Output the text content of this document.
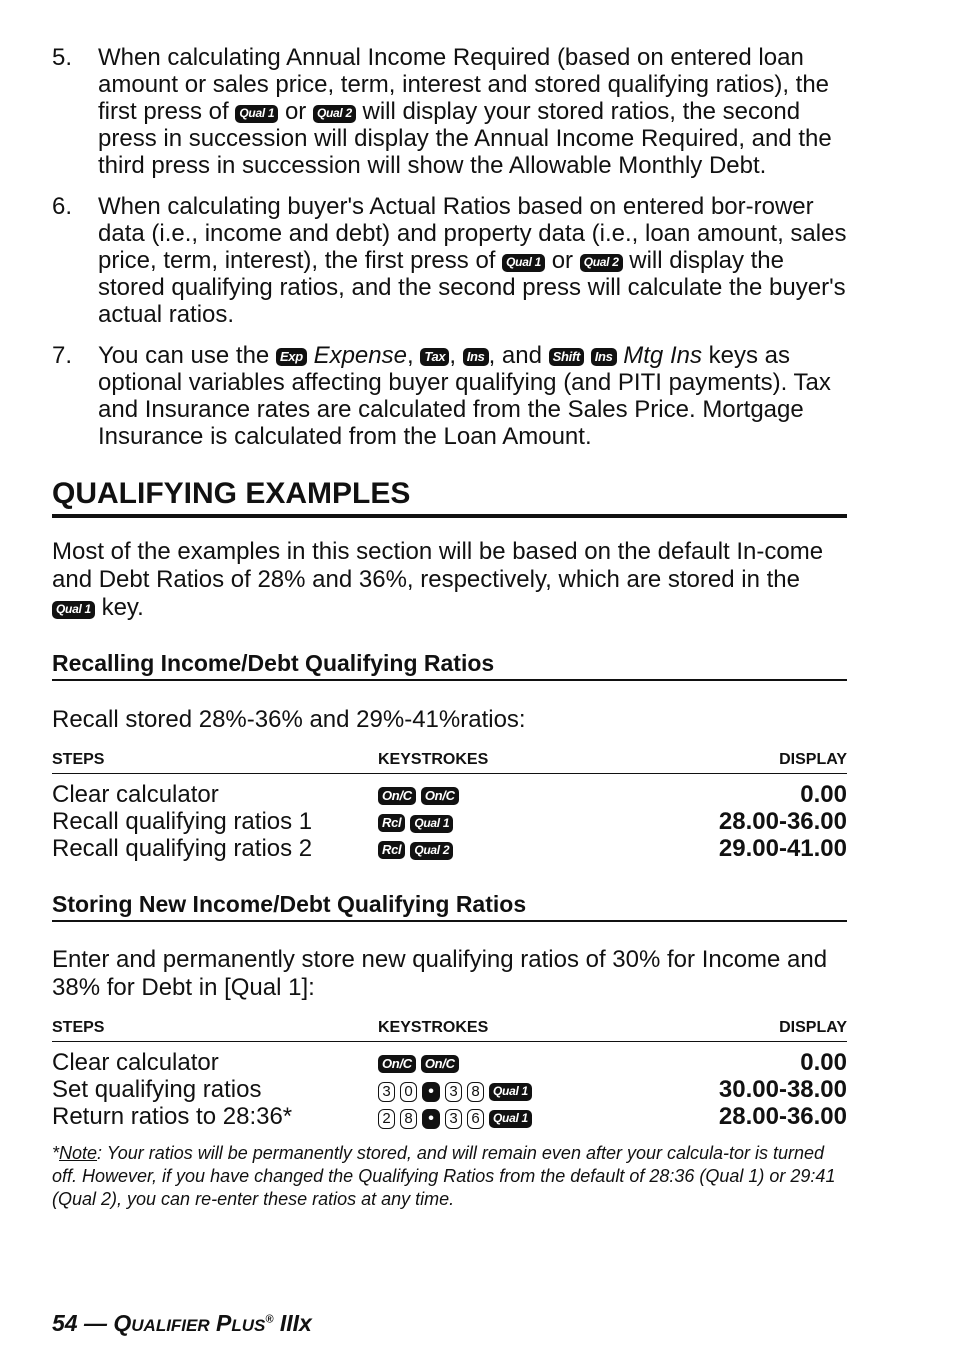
5.	When calculating Annual Income Required (based on entered loan amount or sales price, term, interest and stored qualifying ratios), the first press of Qual 1 or Qual 2 will display your stored ratios, the second press in succession will display the Annual Income Required, and the third press in succession will show the Allowable Monthly Debt.
6.	When calculating buyer's Actual Ratios based on entered bor-rower data (i.e., income and debt) and property data (i.e., loan amount, sales price, term, interest), the first press of Qual 1 or Qual 2 will display the stored qualifying ratios, and the second press will calculate the buyer's actual ratios.
7.	You can use the Exp Expense, Tax , Ins , and Shift Ins Mtg Ins keys as optional variables affecting buyer qualifying (and PITI payments). Tax and Insurance rates are calculated from the Sales Price. Mortgage Insurance is calculated from the Loan Amount.
QUALIFYING EXAMPLES
Most of the examples in this section will be based on the default In-come and Debt Ratios of 28% and 36%, respectively, which are stored in the Qual 1 key.
Recalling Income/Debt Qualifying Ratios
Recall stored 28%-36% and 29%-41%ratios:
STEPS	KEYSTROKES	DISPLAY
Clear calculator	On/C On/C	0.00
Recall qualifying ratios 1	Rcl Qual 1	28.00-36.00
Recall qualifying ratios 2	Rcl Qual 2	29.00-41.00
Storing New Income/Debt Qualifying Ratios
Enter and permanently store new qualifying ratios of 30% for Income and 38% for Debt in [Qual 1]:
STEPS	KEYSTROKES	DISPLAY
Clear calculator	On/C On/C	0.00
Set qualifying ratios	3 0 • 3 8 Qual 1	30.00-38.00
Return ratios to 28:36*	2 8 • 3 6 Qual 1	28.00-36.00
*Note: Your ratios will be permanently stored, and will remain even after your calcula-tor is turned off. However, if you have changed the Qualifying Ratios from the default of 28:36 (Qual 1) or 29:41 (Qual 2), you can re-enter these ratios at any time.
54 — QUALIFIER PLUS® IIIx
